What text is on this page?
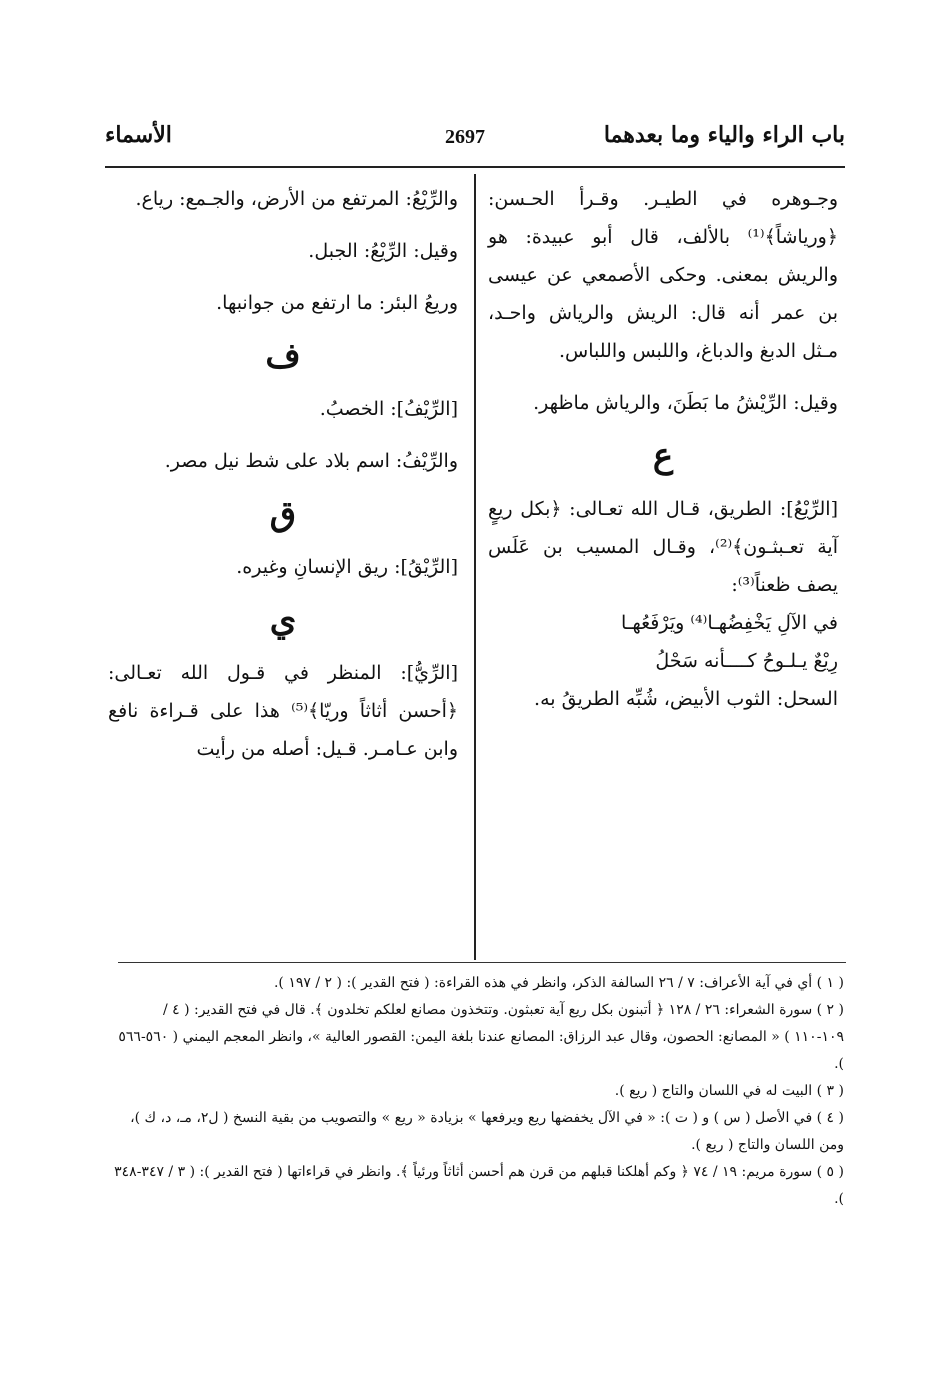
باب الراء والياء وما بعدهما
2697
الأسماء

وجـوهره في الطيـر. وقـرأ الحـسن: ﴿ورياشاً﴾⁽¹⁾ بالألف، قال أبو عبيدة: هو والريش بمعنى. وحكى الأصمعي عن عيسى بن عمر أنه قال: الريش والرياش واحـد، مـثل الدبغ والدباغ، واللبس واللباس.

وقيل: الرِّيْشُ ما بَطَنَ، والرياش ماظهر.

ع

[الرِّيْعُ]: الطريق، قـال الله تعـالى: ﴿بكل ريعٍ آية تعـبثـون﴾⁽²⁾، وقـال المسيب بن عَلَس يصف ظعناً⁽³⁾:

في الآلِ يَخْفِضُهـا⁽⁴⁾ ويَرْفَعُهـا

رِيْعٌ يـلـوحُ كــــأنه سَحْلُ

السحل: الثوب الأبيض، شُبِّه الطريقُ به.

والرِّيْعُ: المرتفع من الأرض، والجـمع: رياع.

وقيل: الرِّيْعُ: الجبل.

وريعُ البئر: ما ارتفع من جوانبها.

ف

[الرِّيْفُ]: الخصبُ.

والرِّيْفُ: اسم بلاد على شط نيل مصر.

ق

[الرِّيْقُ]: ريق الإنسانِ وغيره.

ي

[الرِّيُّ]: المنظر في قـول الله تعـالى: ﴿أحسن أثاثاً وريّا﴾⁽⁵⁾ هذا على قـراءة نافع وابن عـامـر. قـيل: أصله من رأيت

( ١ ) أي في آية الأعراف: ٧ / ٢٦ السالفة الذكر، وانظر في هذه القراءة: ( فتح القدير ): ( ٢ / ١٩٧ ).

( ٢ ) سورة الشعراء: ٢٦ / ١٢٨ ﴿ أتبنون بكل ريع آية تعبثون. وتتخذون مصانع لعلكم تخلدون ﴾. قال في فتح القدير: ( ٤ / ١٠٩-١١٠ ) « المصانع: الحصون، وقال عبد الرزاق: المصانع عندنا بلغة اليمن: القصور العالية »، وانظر المعجم اليمني ( ٥٦٠-٥٦٦ ).

( ٣ ) البيت له في اللسان والتاج ( ريع ).

( ٤ ) في الأصل ( س ) و ( ت ): « في الآل يخفضها ريع ويرفعها » بزيادة « ريع » والتصويب من بقية النسخ ( ل٢، مـ، د، ك )، ومن اللسان والتاج ( ريع ).

( ٥ ) سورة مريم: ١٩ / ٧٤ ﴿ وكم أهلكنا قبلهم من قرن هم أحسن أثاثاً ورئياً ﴾. وانظر في قراءاتها ( فتح القدير ): ( ٣ / ٣٤٧-٣٤٨ ).
